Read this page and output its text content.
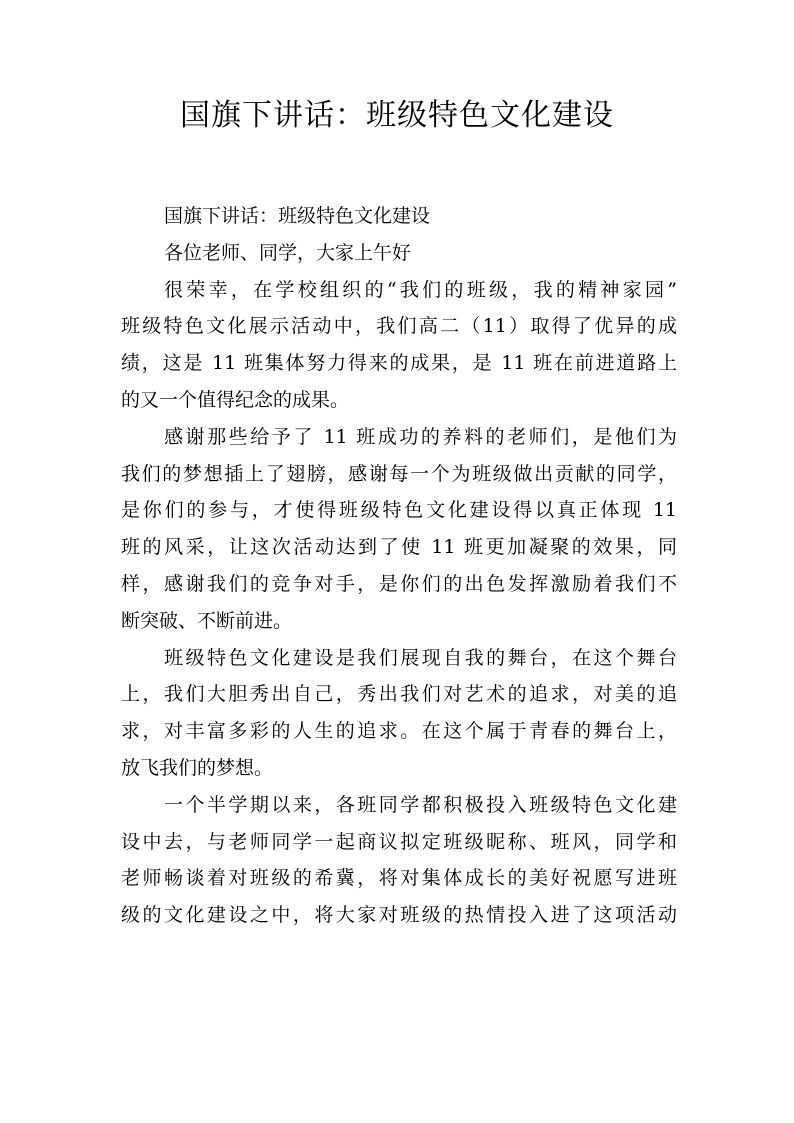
国旗下讲话：班级特色文化建设
国旗下讲话：班级特色文化建设
各位老师、同学，大家上午好
很荣幸，在学校组织的“我们的班级，我的精神家园”
班级特色文化展示活动中，我们高二（11）取得了优异的成
绩，这是 11 班集体努力得来的成果，是 11 班在前进道路上
的又一个值得纪念的成果。
感谢那些给予了 11 班成功的养料的老师们，是他们为
我们的梦想插上了翅膀，感谢每一个为班级做出贡献的同学，
是你们的参与，才使得班级特色文化建设得以真正体现 11
班的风采，让这次活动达到了使 11 班更加凝聚的效果，同
样，感谢我们的竞争对手，是你们的出色发挥激励着我们不
断突破、不断前进。
班级特色文化建设是我们展现自我的舞台，在这个舞台
上，我们大胆秀出自己，秀出我们对艺术的追求，对美的追
求，对丰富多彩的人生的追求。在这个属于青春的舞台上，
放飞我们的梦想。
一个半学期以来，各班同学都积极投入班级特色文化建
设中去，与老师同学一起商议拟定班级昵称、班风，同学和
老师畅谈着对班级的希冀，将对集体成长的美好祝愿写进班
级的文化建设之中，将大家对班级的热情投入进了这项活动
